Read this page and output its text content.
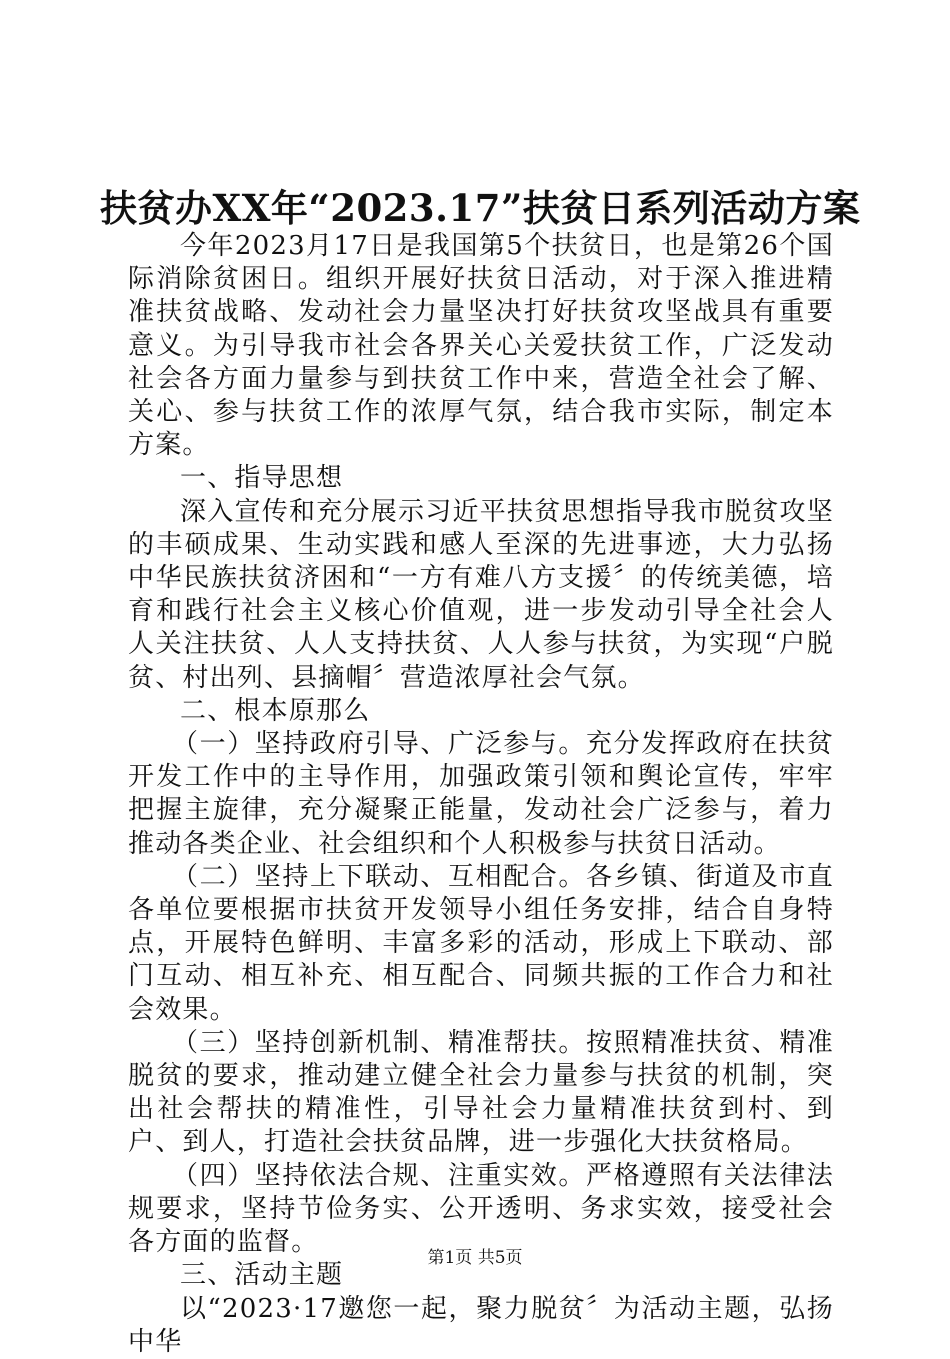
扶贫办XX年“2023.17”扶贫日系列活动方案

今年2023月17日是我国第5个扶贫日，也是第26个国际消除贫困日。组织开展好扶贫日活动，对于深入推进精准扶贫战略、发动社会力量坚决打好扶贫攻坚战具有重要意义。为引导我市社会各界关心关爱扶贫工作，广泛发动社会各方面力量参与到扶贫工作中来，营造全社会了解、关心、参与扶贫工作的浓厚气氛，结合我市实际，制定本方案。

一、指导思想

深入宣传和充分展示习近平扶贫思想指导我市脱贫攻坚的丰硕成果、生动实践和感人至深的先进事迹，大力弘扬中华民族扶贫济困和“一方有难八方支援〞的传统美德，培育和践行社会主义核心价值观，进一步发动引导全社会人人关注扶贫、人人支持扶贫、人人参与扶贫，为实现“户脱贫、村出列、县摘帽〞营造浓厚社会气氛。

二、根本原那么

（一）坚持政府引导、广泛参与。充分发挥政府在扶贫开发工作中的主导作用，加强政策引领和舆论宣传，牢牢把握主旋律，充分凝聚正能量，发动社会广泛参与，着力推动各类企业、社会组织和个人积极参与扶贫日活动。

（二）坚持上下联动、互相配合。各乡镇、街道及市直各单位要根据市扶贫开发领导小组任务安排，结合自身特点，开展特色鲜明、丰富多彩的活动，形成上下联动、部门互动、相互补充、相互配合、同频共振的工作合力和社会效果。

（三）坚持创新机制、精准帮扶。按照精准扶贫、精准脱贫的要求，推动建立健全社会力量参与扶贫的机制，突出社会帮扶的精准性，引导社会力量精准扶贫到村、到户、到人，打造社会扶贫品牌，进一步强化大扶贫格局。

（四）坚持依法合规、注重实效。严格遵照有关法律法规要求，坚持节俭务实、公开透明、务求实效，接受社会各方面的监督。

三、活动主题

以“2023·17邀您一起，聚力脱贫〞为活动主题，弘扬中华

第1页 共5页
